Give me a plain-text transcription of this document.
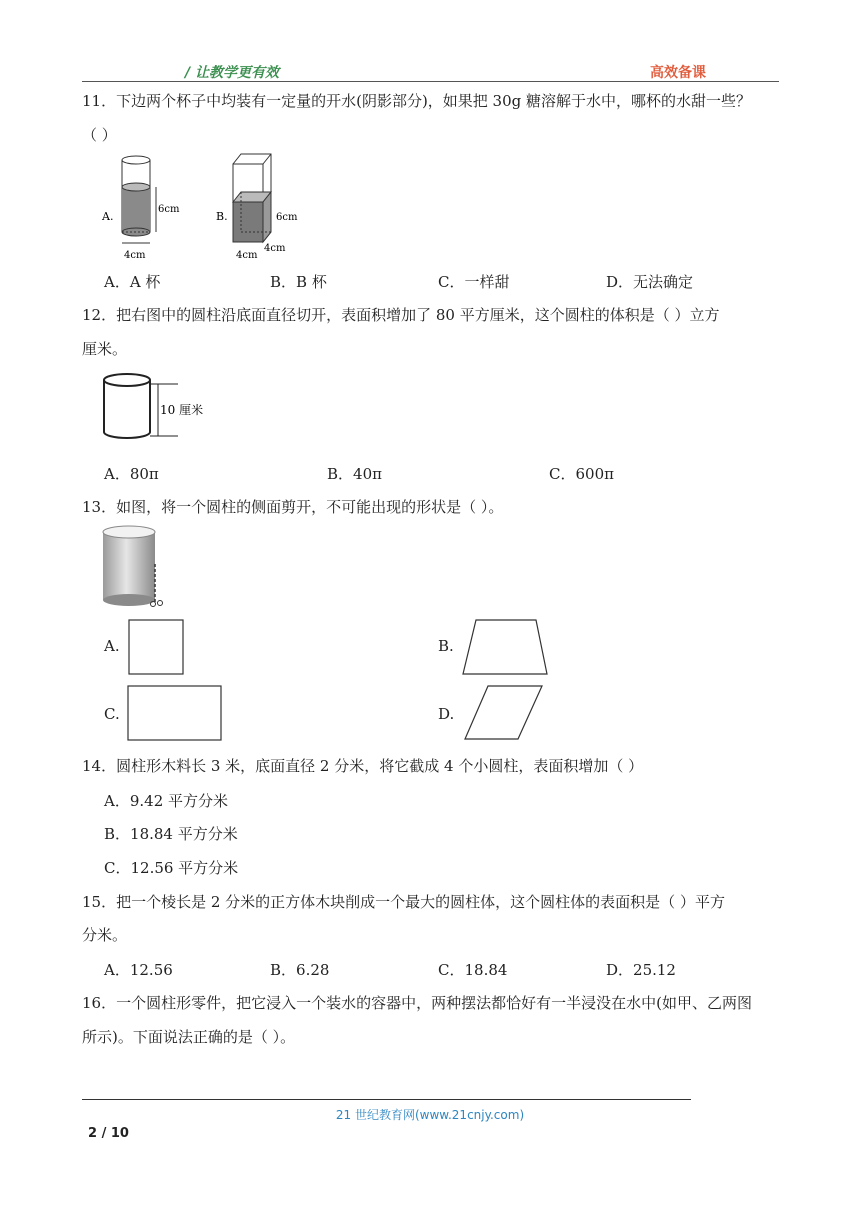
/ 让教学更有效	高效备课
11．下边两个杯子中均装有一定量的开水(阴影部分)，如果把 30g 糖溶解于水中，哪杯的水甜一些？
（ ）
A.
6cm
4cm
B.	6cm
4cm
4cm
A．A 杯	B．B 杯	C．一样甜	D．无法确定
12．把右图中的圆柱沿底面直径切开，表面积增加了 80 平方厘米，这个圆柱的体积是（ ）立方
厘米。
10 厘米
A．80π	B．40π	C．600π
13．如图，将一个圆柱的侧面剪开，不可能出现的形状是（ ）。
A.	B.
C.	D.
14．圆柱形木料长 3 米，底面直径 2 分米，将它截成 4 个小圆柱，表面积增加（ ）
A．9.42 平方分米
B．18.84 平方分米
C．12.56 平方分米
15．把一个棱长是 2 分米的正方体木块削成一个最大的圆柱体，这个圆柱体的表面积是（ ）平方
分米。
A．12.56	B．6.28	C．18.84	D．25.12
16．一个圆柱形零件，把它浸入一个装水的容器中，两种摆法都恰好有一半浸没在水中(如甲、乙两图
所示)。下面说法正确的是（ ）。
21 世纪教育网(www.21cnjy.com)
2 / 10
